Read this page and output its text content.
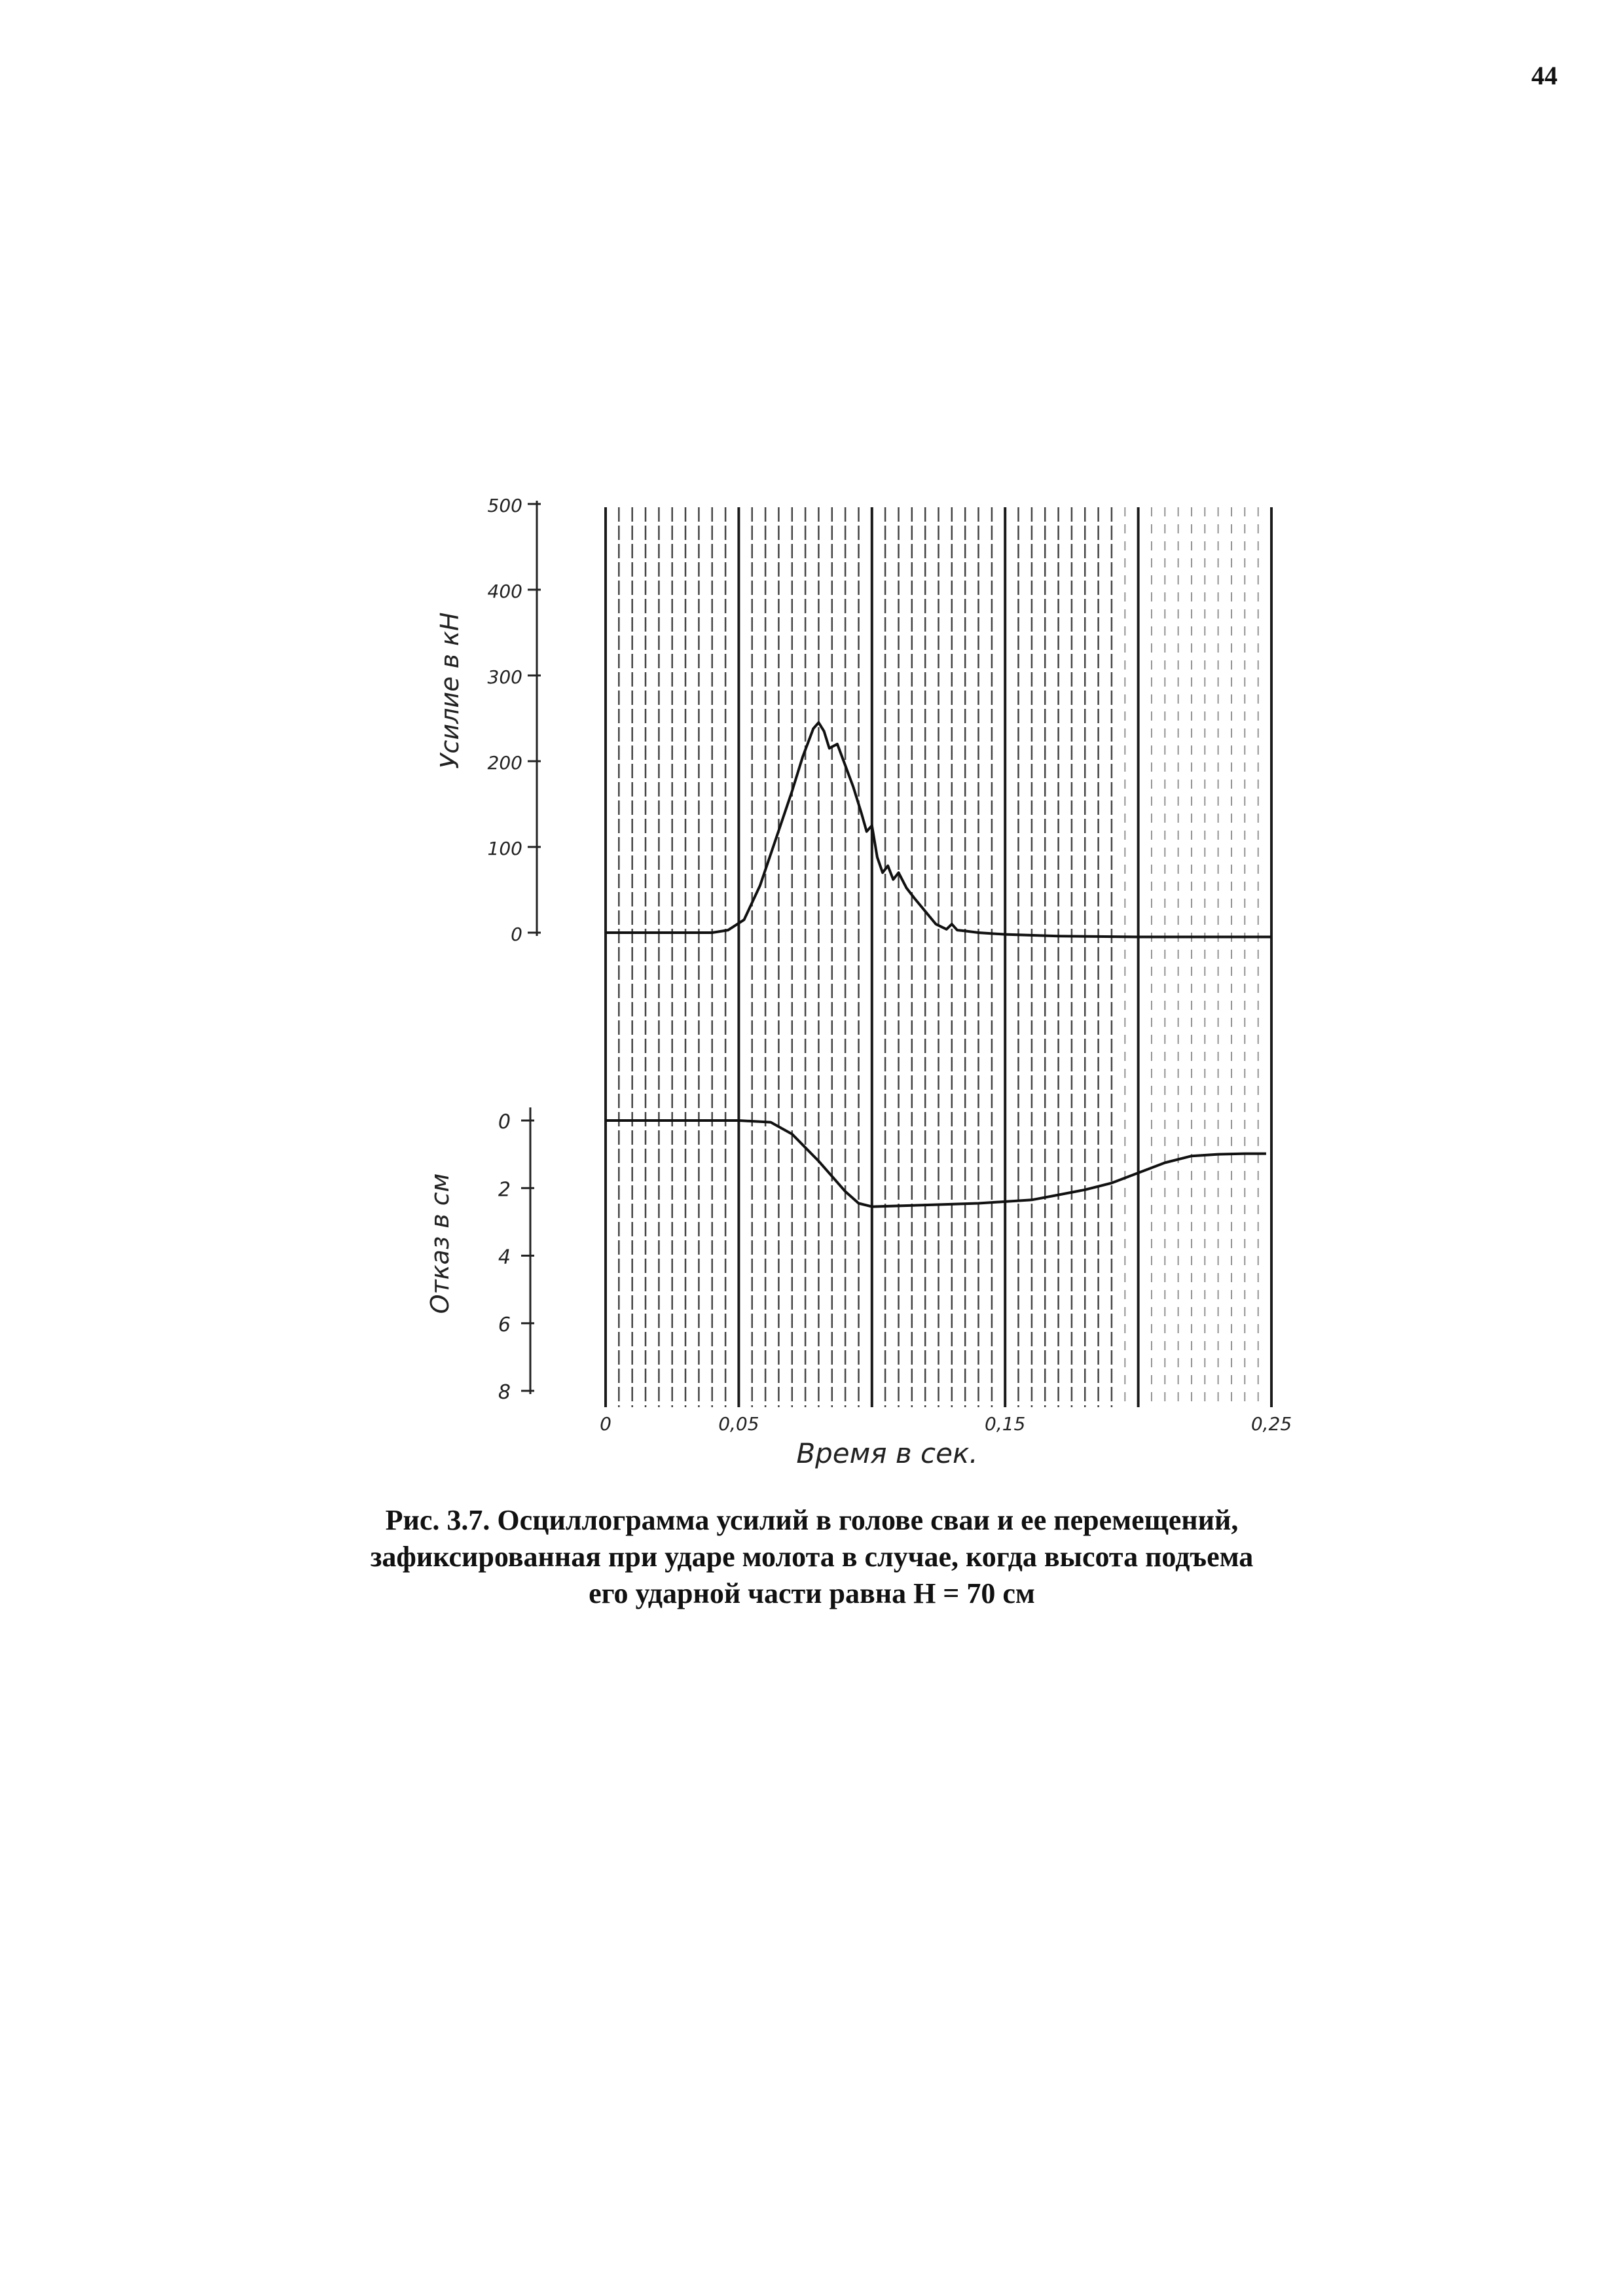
44
0
100
200
300
400
500
0
2
4
6
8
0	0,05	0,15	0,25
Усилие в кН
Отказ в см
Время в сек.
Рис. 3.7. Осциллограмма усилий в голове сваи и ее перемещений,
зафиксированная при ударе молота в случае, когда высота подъема
его ударной части равна H = 70 см
